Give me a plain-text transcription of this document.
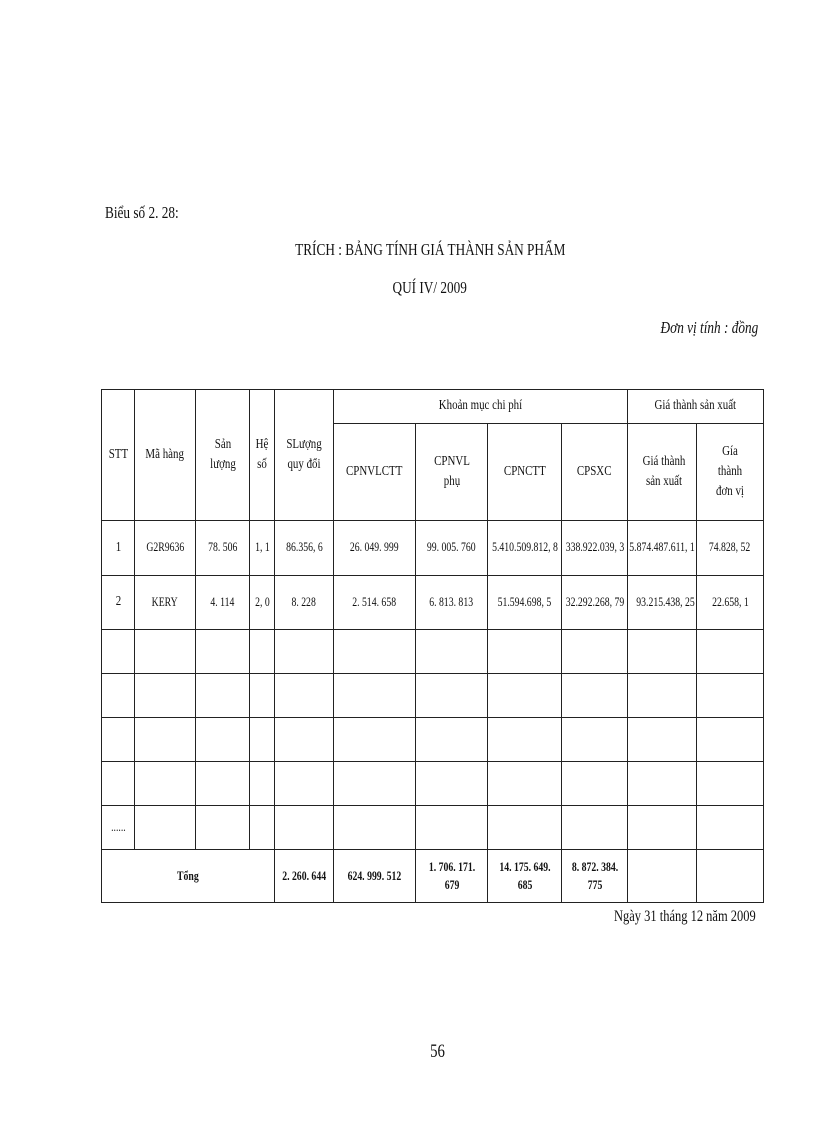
Biểu số 2. 28:
TRÍCH : BẢNG TÍNH GIÁ THÀNH SẢN PHẨM
QUÍ IV/ 2009
Đơn vị tính : đồng
STT	Mã hàng	Sản lượng	Hệ số	SLượng quy đổi	Khoản mục chi phí				Giá thành sản xuất	
					CPNVLCTT	CPNVL phụ	CPNCTT	CPSXC	Giá thành sản xuất	Gía thành đơn vị

1	G2R9636	78. 506	1, 1	86.356, 6	26. 049. 999	99. 005. 760	5.410.509.812, 8	338.922.039, 3	5.874.487.611, 1	74.828, 52
2	KERY	4. 114	2, 0	8. 228	2. 514. 658	6. 813. 813	51.594.698, 5	32.292.268, 79	93.215.438, 25	22.658, 1

......										
Tổng				2. 260. 644	624. 999. 512	1. 706. 171. 679	14. 175. 649. 685	8. 872. 384. 775		

Ngày 31 tháng 12 năm 2009
56
